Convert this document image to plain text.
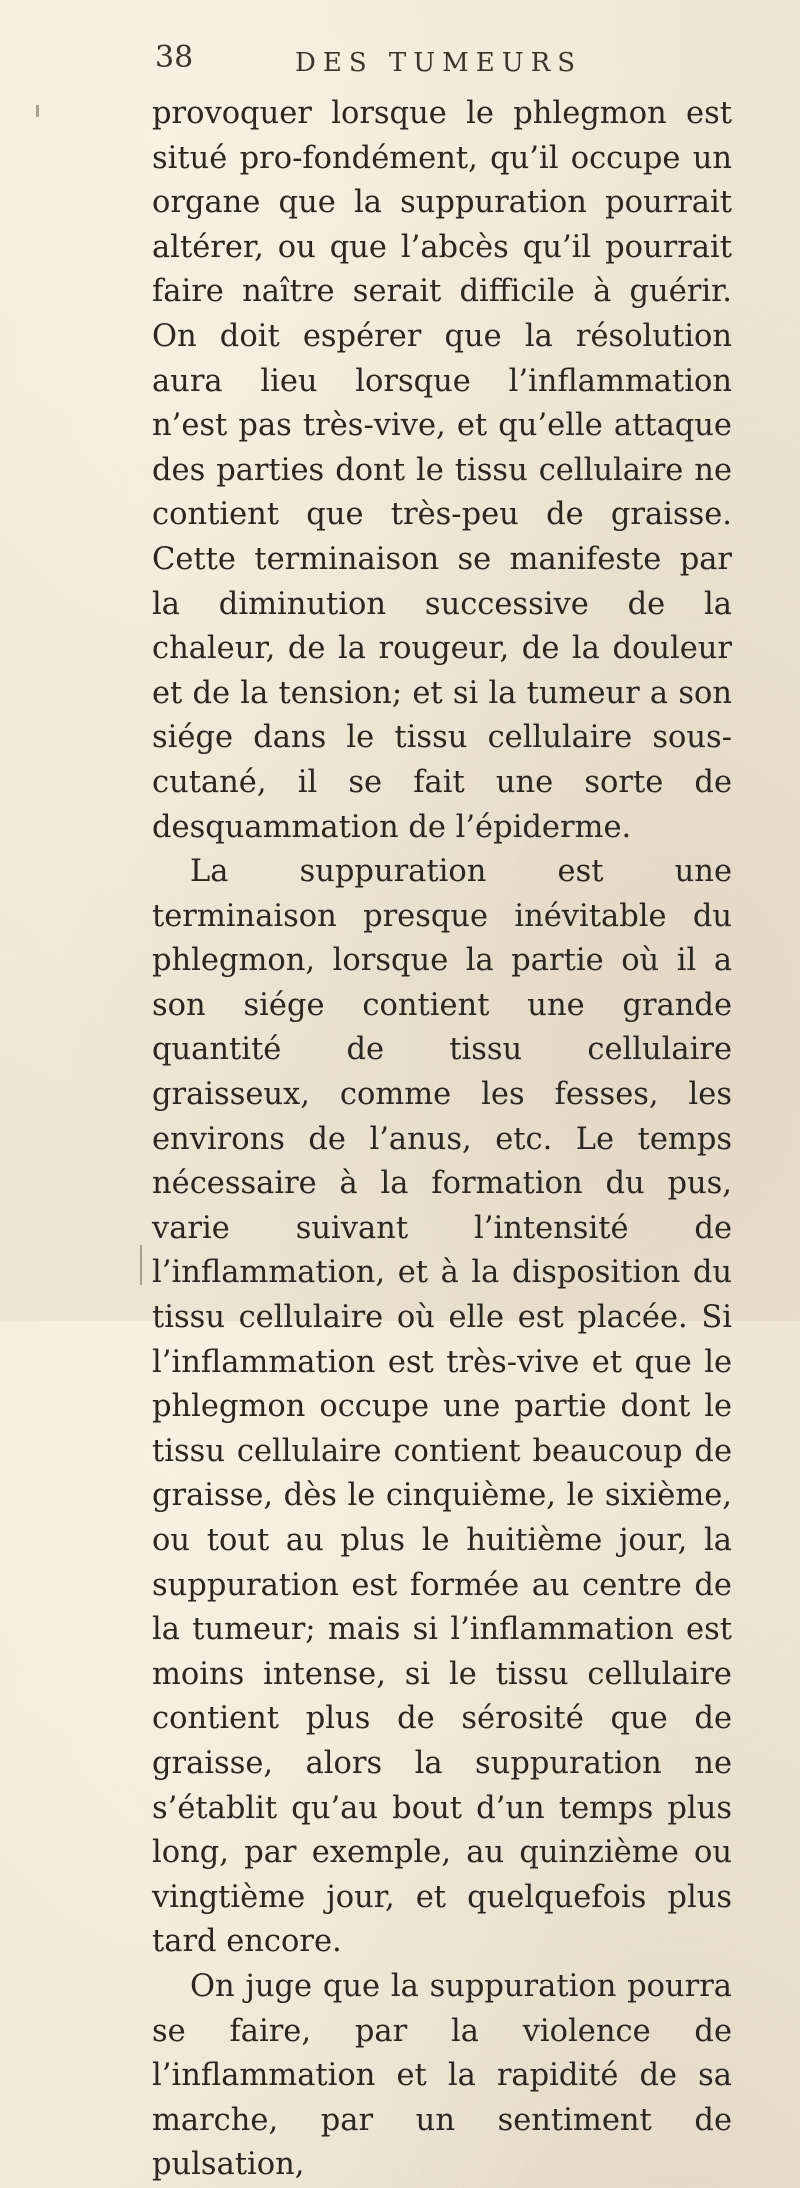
38	DES TUMEURS

provoquer lorsque le phlegmon est situé pro-fondément, qu’il occupe un organe que la suppuration pourrait altérer, ou que l’abcès qu’il pourrait faire naître serait difficile à guérir. On doit espérer que la résolution aura lieu lorsque l’inflammation n’est pas très-vive, et qu’elle attaque des parties dont le tissu cellulaire ne contient que très-peu de graisse. Cette terminaison se manifeste par la diminution successive de la chaleur, de la rougeur, de la douleur et de la tension; et si la tumeur a son siége dans le tissu cellulaire sous-cutané, il se fait une sorte de desquammation de l’épiderme.

La suppuration est une terminaison presque inévitable du phlegmon, lorsque la partie où il a son siége contient une grande quantité de tissu cellulaire graisseux, comme les fesses, les environs de l’anus, etc. Le temps nécessaire à la formation du pus, varie suivant l’intensité de l’inflammation, et à la disposition du tissu cellulaire où elle est placée. Si l’inflammation est très-vive et que le phlegmon occupe une partie dont le tissu cellulaire contient beaucoup de graisse, dès le cinquième, le sixième, ou tout au plus le huitième jour, la suppuration est formée au centre de la tumeur; mais si l’inflammation est moins intense, si le tissu cellulaire contient plus de sérosité que de graisse, alors la suppuration ne s’établit qu’au bout d’un temps plus long, par exemple, au quinzième ou vingtième jour, et quelquefois plus tard encore.

On juge que la suppuration pourra se faire, par la violence de l’inflammation et la rapidité de sa marche, par un sentiment de pulsation,
